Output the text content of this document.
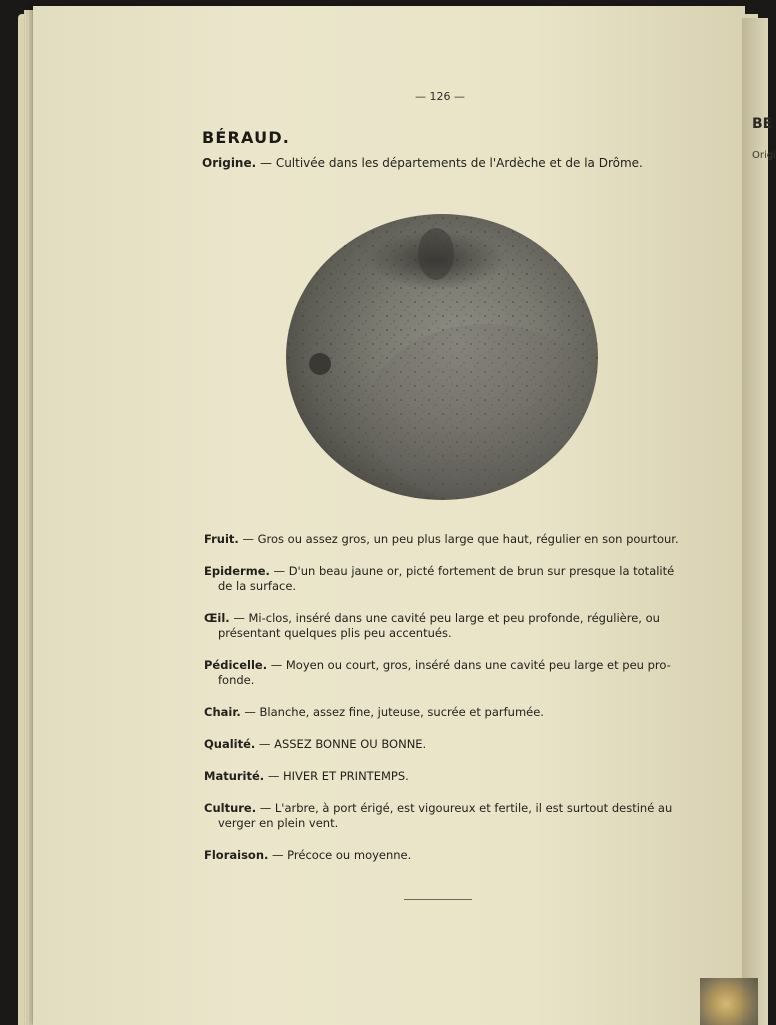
BE
Origi
— 126 —
BÉRAUD.
Origine. — Cultivée dans les départements de l'Ardèche et de la Drôme.
Fruit. — Gros ou assez gros, un peu plus large que haut, régulier en son pourtour.
Epiderme. — D'un beau jaune or, picté fortement de brun sur presque la totalité
de la surface.
Œil. — Mi-clos, inséré dans une cavité peu large et peu profonde, régulière, ou
présentant quelques plis peu accentués.
Pédicelle. — Moyen ou court, gros, inséré dans une cavité peu large et peu pro-
fonde.
Chair. — Blanche, assez fine, juteuse, sucrée et parfumée.
Qualité. — ASSEZ BONNE OU BONNE.
Maturité. — HIVER ET PRINTEMPS.
Culture. — L'arbre, à port érigé, est vigoureux et fertile, il est surtout destiné au
verger en plein vent.
Floraison. — Précoce ou moyenne.
